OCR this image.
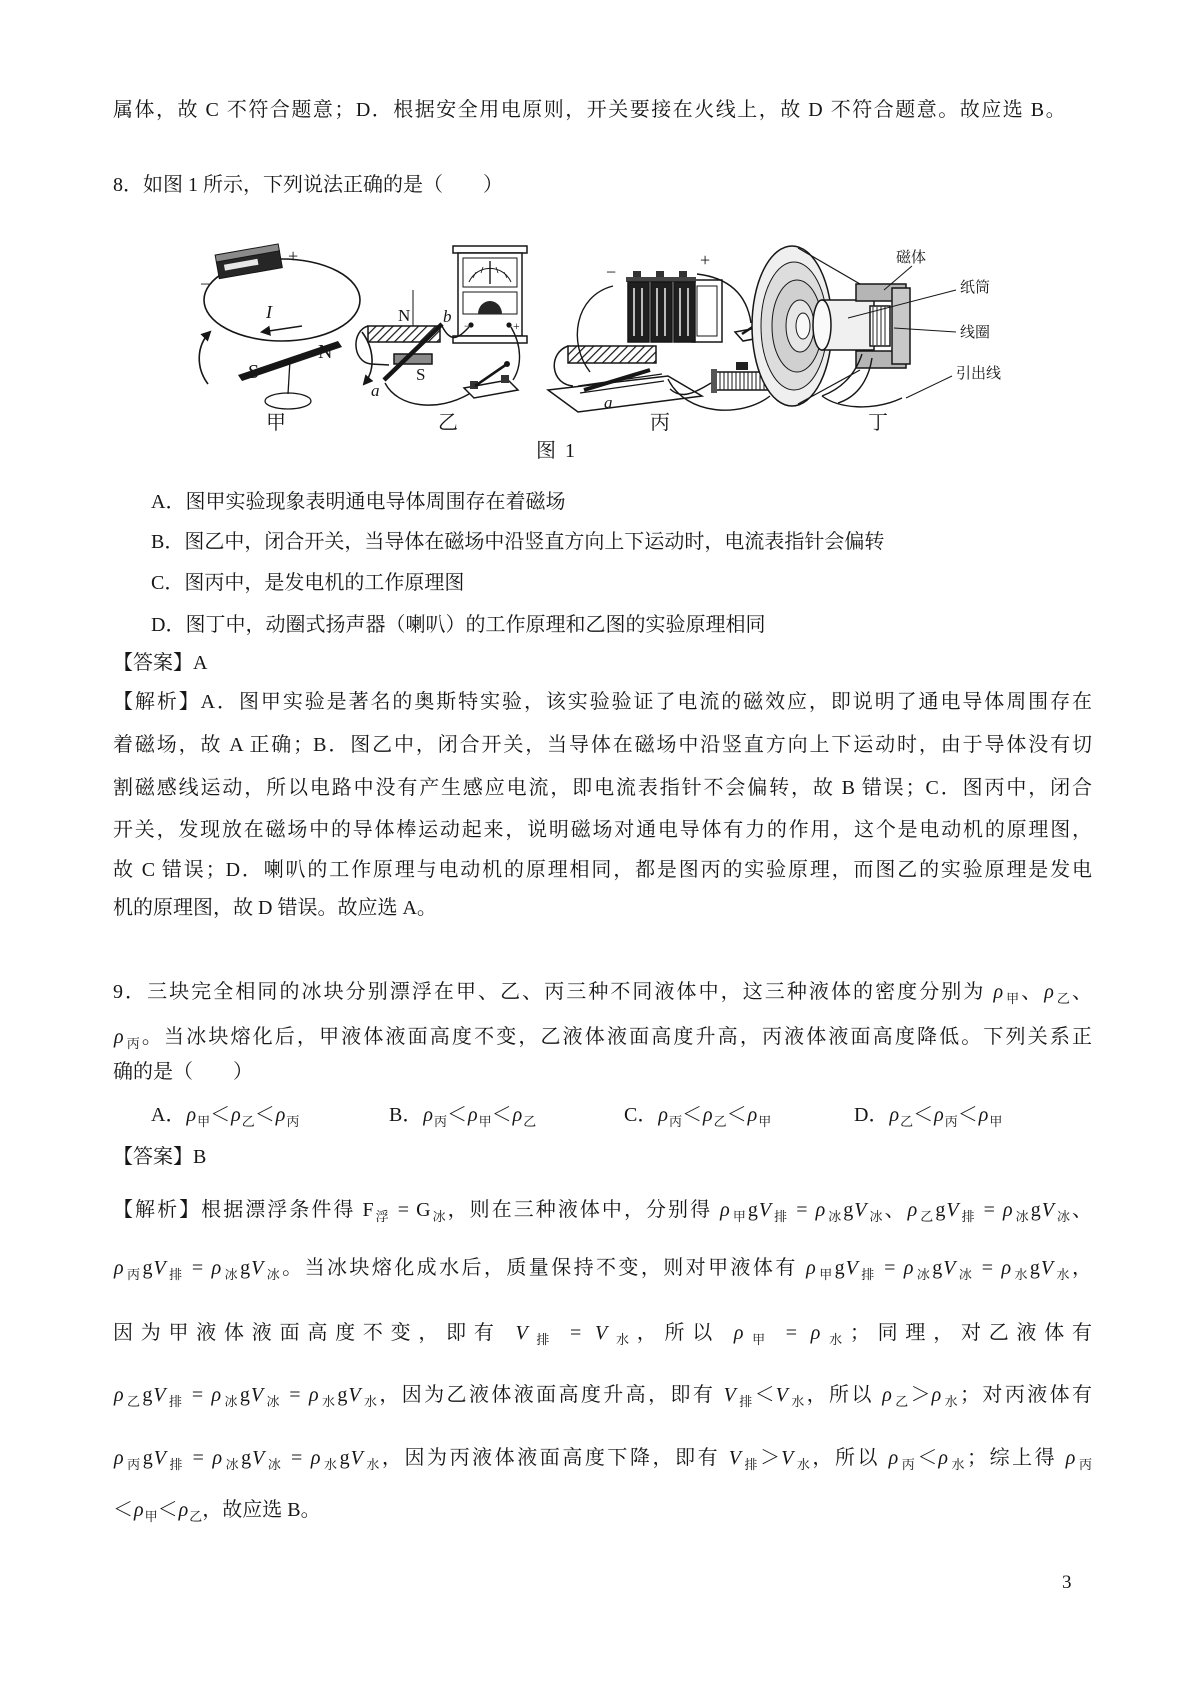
属体，故 C 不符合题意；D．根据安全用电原则，开关要接在火线上，故 D 不符合题意。故应选 B。
8．如图 1 所示，下列说法正确的是（　　）
−
+
I
S
N
N
S
a
b −	+
−
+
a
磁体
纸筒
线圈
引出线
甲	乙	丙	丁
图 1
A．图甲实验现象表明通电导体周围存在着磁场
B．图乙中，闭合开关，当导体在磁场中沿竖直方向上下运动时，电流表指针会偏转
C．图丙中，是发电机的工作原理图
D．图丁中，动圈式扬声器（喇叭）的工作原理和乙图的实验原理相同
【答案】A
【解析】A．图甲实验是著名的奥斯特实验，该实验验证了电流的磁效应，即说明了通电导体周围存在
着磁场，故 A 正确；B．图乙中，闭合开关，当导体在磁场中沿竖直方向上下运动时，由于导体没有切
割磁感线运动，所以电路中没有产生感应电流，即电流表指针不会偏转，故 B 错误；C．图丙中，闭合
开关，发现放在磁场中的导体棒运动起来，说明磁场对通电导体有力的作用，这个是电动机的原理图，
故 C 错误；D．喇叭的工作原理与电动机的原理相同，都是图丙的实验原理，而图乙的实验原理是发电
机的原理图，故 D 错误。故应选 A。
9．三块完全相同的冰块分别漂浮在甲、乙、丙三种不同液体中，这三种液体的密度分别为 $\rho_甲$、$\rho_乙$、
$\rho_丙$。当冰块熔化后，甲液体液面高度不变，乙液体液面高度升高，丙液体液面高度降低。下列关系正
确的是（　　）
A．$\rho_甲<\rho_乙<\rho_丙$	B．$\rho_丙<\rho_甲<\rho_乙$	C．$\rho_丙<\rho_乙<\rho_甲$	D．$\rho_乙<\rho_丙<\rho_甲$
【答案】B
【解析】根据漂浮条件得 $F_浮 = G_冰$，则在三种液体中，分别得 $\rho_甲gV_排 = \rho_冰gV_冰$、$\rho_乙gV_排 = \rho_冰gV_冰$、
$\rho_丙gV_排 = \rho_冰gV_冰$。当冰块熔化成水后，质量保持不变，则对甲液体有 $\rho_甲gV_排 = \rho_冰gV_冰 = \rho_水gV_水$，
因为甲液体液面高度不变，即有 $V_排 = V_水$，所以 $\rho_甲 = \rho_水$；同理，对乙液体有
$\rho_乙gV_排 = \rho_冰gV_冰 = \rho_水gV_水$，因为乙液体液面高度升高，即有 $V_排<V_水$，所以 $\rho_乙>\rho_水$；对丙液体有
$\rho_丙gV_排 = \rho_冰gV_冰 = \rho_水gV_水$，因为丙液体液面高度下降，即有 $V_排>V_水$，所以 $\rho_丙<\rho_水$；综上得 $\rho_丙$
$<\rho_甲<\rho_乙$，故应选 B。
3
